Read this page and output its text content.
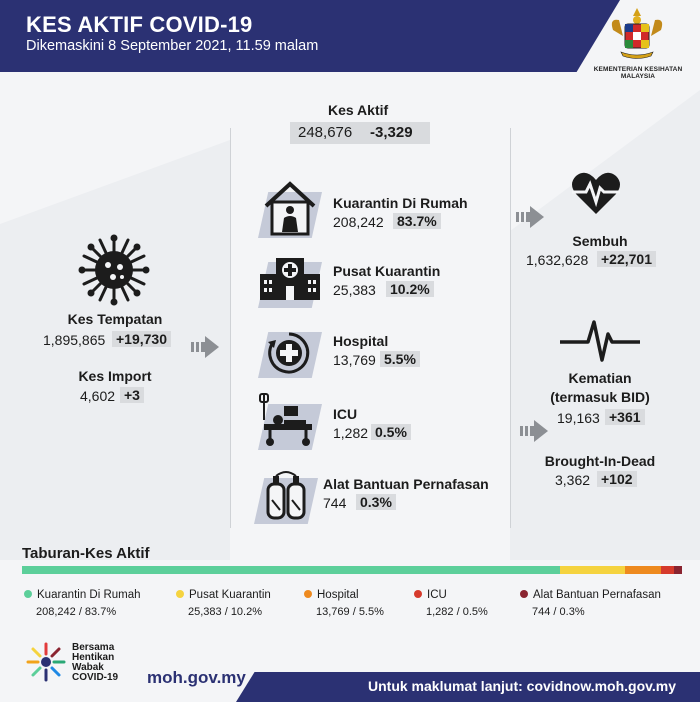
KES AKTIF COVID-19
Dikemaskini 8 September 2021, 11.59 malam
KEMENTERIAN KESIHATAN MALAYSIA
Kes Aktif
248,676 -3,329
Kes Tempatan
1,895,865 +19,730
Kes Import
4,602 +3
Kuarantin Di Rumah
208,242 83.7%
Pusat Kuarantin
25,383 10.2%
Hospital
13,769 5.5%
ICU
1,282 0.5%
Alat Bantuan Pernafasan
744 0.3%
Sembuh
1,632,628 +22,701
Kematian
(termasuk BID)
19,163 +361
Brought-In-Dead
3,362 +102
Taburan-Kes Aktif
Kuarantin Di Rumah
208,242 / 83.7%
Pusat Kuarantin
25,383 / 10.2%
Hospital
13,769 / 5.5%
ICU
1,282 / 0.5%
Alat Bantuan Pernafasan
744 / 0.3%
Bersama
Hentikan
Wabak
COVID-19 moh.gov.my	Untuk maklumat lanjut: covidnow.moh.gov.my
